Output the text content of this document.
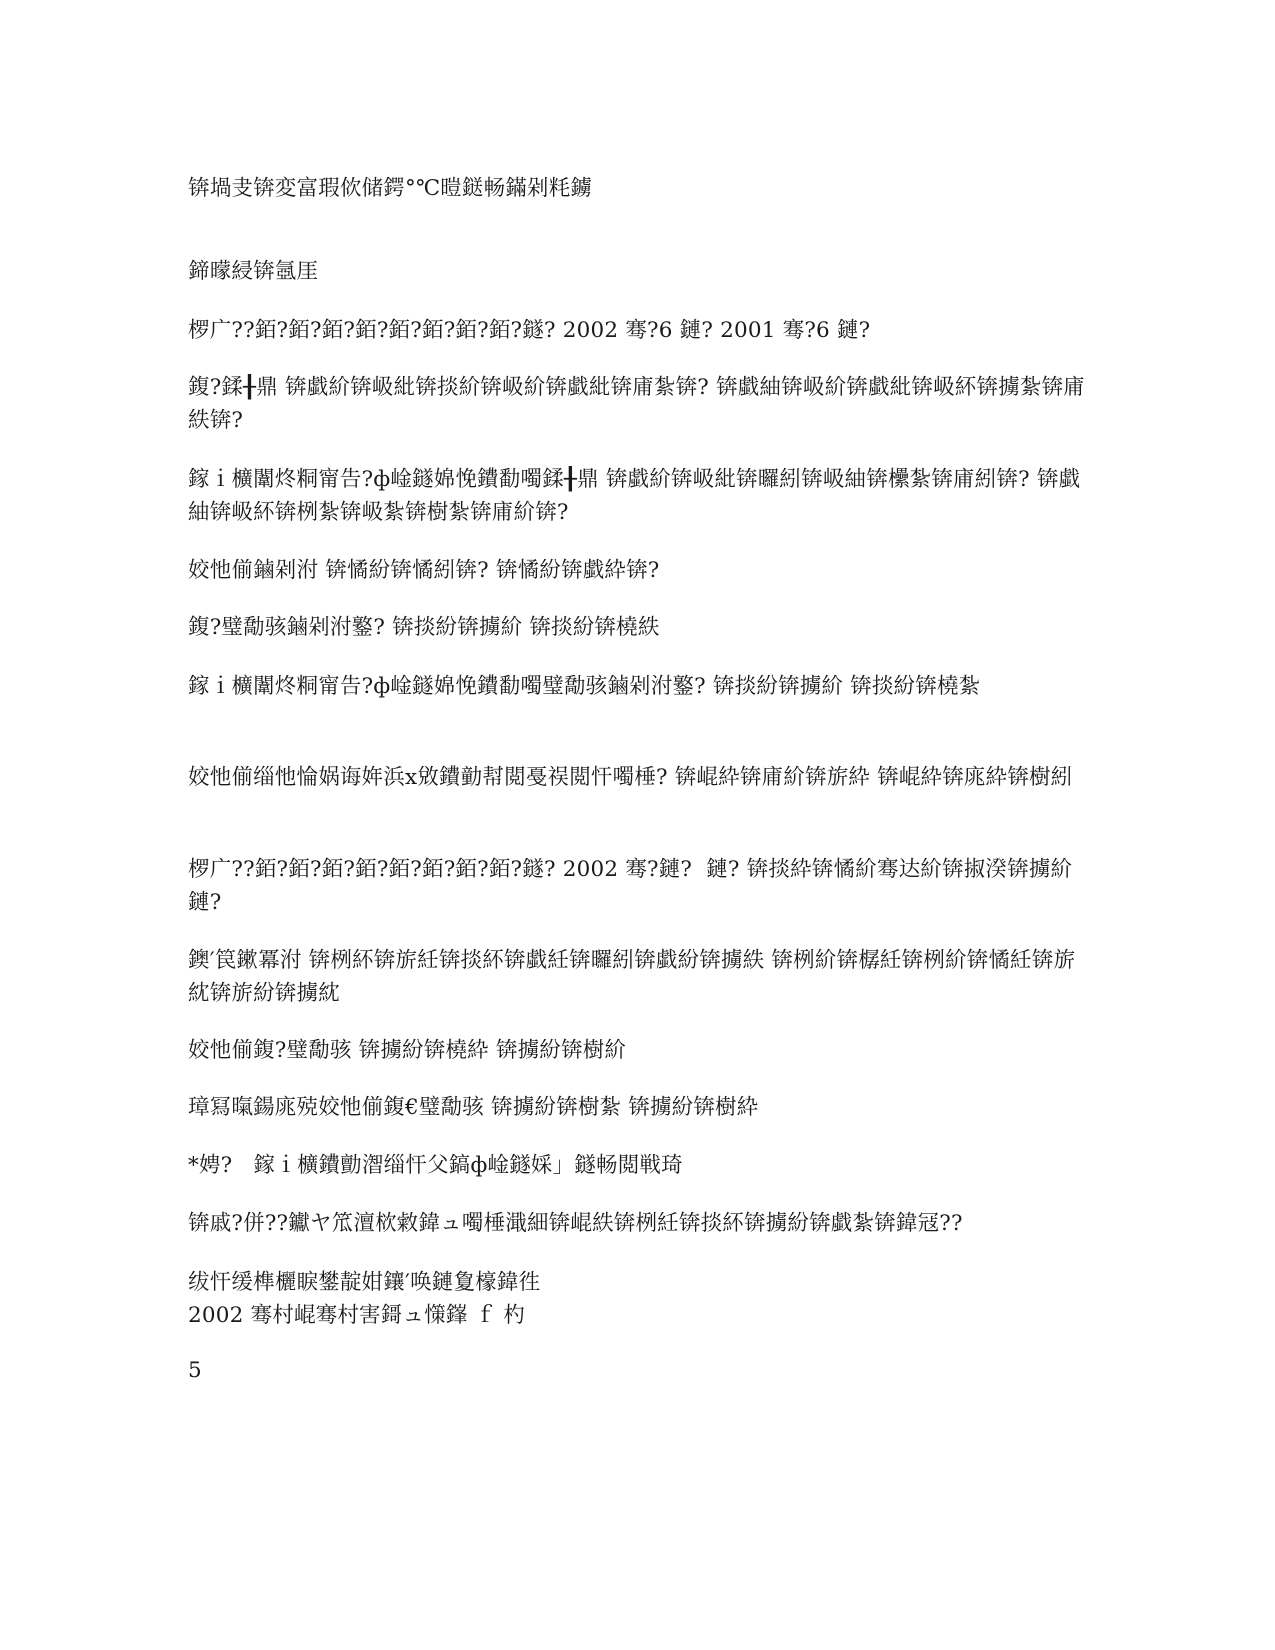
锛堝叏锛変富瑕佽储鍔°℃暟鎹畅鏋剁粍鐪
鍗曚綅锛氬厓
椤广??銆?銆?銆?銆?銆?銆?銆?銆?鐩? 2002 骞?6 鏈? 2001 骞?6 鏈?
鍑?鍒╂鼎 锛戱紒锛岋紕锛掞紒锛岋紒锛戱紕锛庯紮锛? 锛戱紬锛岋紒锛戱紕锛岋紑锛擄紮锛庯紩锛?
鎵ｉ櫎闈炵粡甯告?ф崯鐩婂悗鐨勫噣鍒╂鼎 锛戱紒锛岋紕锛曪紖锛岋紬锛欙紮锛庯紖锛? 锛戱紬锛岋紑锛栵紮锛岋紮锛樹紮锛庯紒锛?
姣忚偂鏀剁泭 锛憰紛锛憰紖锛? 锛憰紛锛戱紣锛?
鍑?璧勪骇鏀剁泭鐜? 锛掞紛锛擄紒 锛掞紛锛橈紩
鎵ｉ櫎闈炵粡甯告?ф崯鐩婂悗鐨勫噣璧勪骇鏀剁泭鐜? 锛掞紛锛擄紒 锛掞紛锛橈紮
姣忚偂缁忚惀娲诲姩浜х敓鐨勭幇閲戞祦閲忓噣棰? 锛崐紣锛庯紒锛旂紣 锛崐紣锛庣紣锛樹紖
椤广??銆?銆?銆?銆?銆?銆?銆?銆?鐩? 2002 骞?鏈?  鏈? 锛掞紣锛憰紒骞达紒锛掓湀锛擄紒鏈?
鐭′笢鏉冪泭 锛栵紑锛旂紝锛掞紑锛戱紝锛曪紖锛戱紛锛擄紩 锛栵紒锛樼紝锛栵紒锛憰紝锛旂紞锛旂紛锛擄紞
姣忚偂鍑?璧勪骇 锛擄紛锛橈紣 锛擄紛锛樹紒
璋冩暣鍚庣殑姣忚偂鍑€璧勪骇 锛擄紛锛樹紮 锛擄紛锛樹紣
*娉?   鎵ｉ櫎鐨勯潪缁忓父鎬ф崯鐩婇」鐩畅閲戦琦
锛戚?併??钀ヤ笟澶栨敹鍏ュ噣棰濈細锛崐紩锛栵紝锛掞紑锛擄紛锛戱紮锛鍏冦??
绂忓缓榫欐睙鐢靛姏鑲′唤鏈夐檺鍏徃
2002 骞村崐骞村害鎶ュ憡鎽 ｆ 杓
5
